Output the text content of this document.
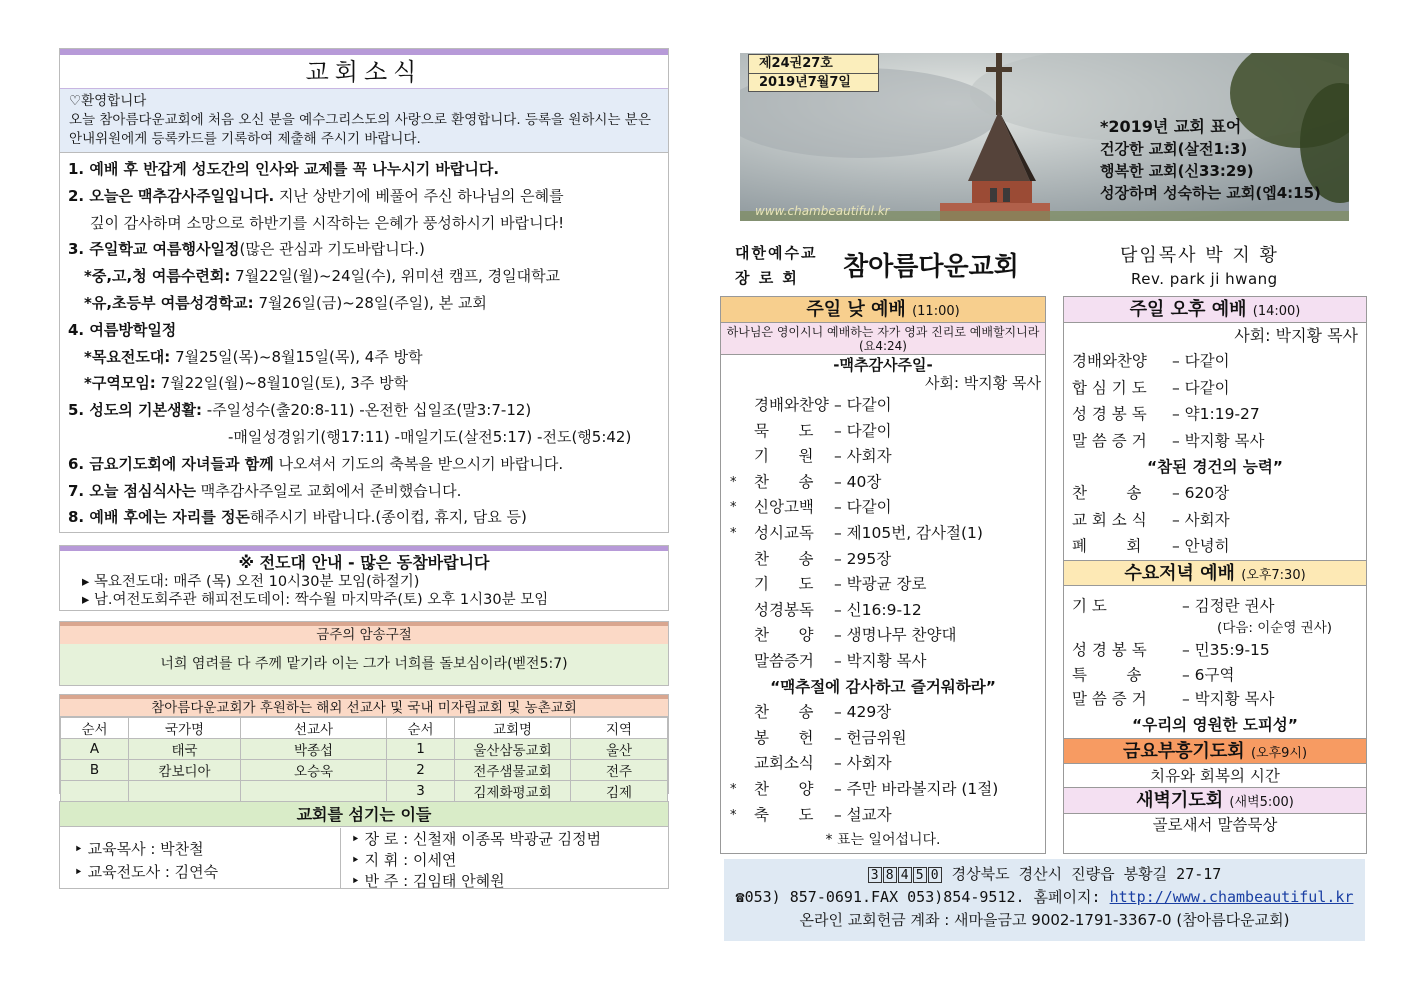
교회소식
♡환영합니다
오늘 참아름다운교회에 처음 오신 분을 예수그리스도의 사랑으로 환영합니다. 등록을 원하시는 분은 안내위원에게 등록카드를 기록하여 제출해 주시기 바랍니다.
1. 예배 후 반갑게 성도간의 인사와 교제를 꼭 나누시기 바랍니다.
2. 오늘은 맥추감사주일입니다. 지난 상반기에 베풀어 주신 하나님의 은혜를
깊이 감사하며 소망으로 하반기를 시작하는 은혜가 풍성하시기 바랍니다!
3. 주일학교 여름행사일정(많은 관심과 기도바랍니다.)
*중,고,청 여름수련회: 7월22일(월)~24일(수), 위미션 캠프, 경일대학교
*유,초등부 여름성경학교: 7월26일(금)~28일(주일), 본 교회
4. 여름방학일정
*목요전도대: 7월25일(목)~8월15일(목), 4주 방학
*구역모임: 7월22일(월)~8월10일(토), 3주 방학
5. 성도의 기본생활: -주일성수(출20:8-11) -온전한 십일조(말3:7-12)
-매일성경읽기(행17:11) -매일기도(살전5:17) -전도(행5:42)
6. 금요기도회에 자녀들과 함께 나오셔서 기도의 축복을 받으시기 바랍니다.
7. 오늘 점심식사는 맥추감사주일로 교회에서 준비했습니다.
8. 예배 후에는 자리를 정돈해주시기 바랍니다.(종이컵, 휴지, 담요 등)
※ 전도대 안내 - 많은 동참바랍니다
▸ 목요전도대: 매주 (목) 오전 10시30분 모임(하절기)
▸ 남.여전도회주관 해피전도데이: 짝수월 마지막주(토) 오후 1시30분 모임
금주의 암송구절
너희 염려를 다 주께 맡기라 이는 그가 너희를 돌보심이라(벧전5:7)
참아름다운교회가 후원하는 해외 선교사 및 국내 미자립교회 및 농촌교회
순서	국가명	선교사	순서	교회명	지역
A	태국	박종섭	1	울산삼동교회	울산
B	캄보디아	오승욱	2	전주샘물교회	전주
			3	김제화평교회	김제
교회를 섬기는 이들
‣ 교육목사 : 박찬철
‣ 교육전도사 : 김연숙
‣ 장 로 : 신철재 이종목 박광균 김정범
‣ 지 휘 : 이세연
‣ 반 주 : 김임태 안혜원
제24권27호
2019년7월7일
*2019년 교회 표어
건강한 교회(살전1:3)
행복한 교회(신33:29)
성장하며 성숙하는 교회(엡4:15)
www.chambeautiful.kr
대한예수교
장 로 회	참아름다운교회	담임목사 박 지 황
Rev. park ji hwang
주일 낮 예배 (11:00)
하나님은 영이시니 예배하는 자가 영과 진리로 예배할지니라(요4:24)
-맥추감사주일-
사회: 박지황 목사
경배와찬양 – 다같이
묵      도 – 다같이
기      원 – 사회자
* 찬      송 – 40장
* 신앙고백 – 다같이
* 성시교독 – 제105번, 감사절(1)
찬      송 – 295장
기      도 – 박광균 장로
성경봉독 – 신16:9-12
찬      양 – 생명나무 찬양대
말씀증거 – 박지황 목사
“맥추절에 감사하고 즐거워하라”
찬      송 – 429장
봉      헌 – 헌금위원
교회소식 – 사회자
* 찬      양 – 주만 바라볼지라 (1절)
* 축      도 – 설교자
* 표는 일어섭니다.
주일 오후 예배 (14:00)
사회: 박지황 목사
경배와찬양 – 다같이
합 심 기 도 – 다같이
성 경 봉 독 – 약1:19-27
말 씀 증 거 – 박지황 목사
“참된 경건의 능력”
찬        송 – 620장
교 회 소 식 – 사회자
폐        회 – 안녕히
수요저녁 예배 (오후7:30)
기 도	– 김정란 권사
(다음: 이순영 권사)
성 경 봉 독 – 민35:9-15
특        송	– 6구역
말 씀 증 거 – 박지황 목사
“우리의 영원한 도피성”
금요부흥기도회 (오후9시)
치유와 회복의 시간
새벽기도회 (새벽5:00)
골로새서 말씀묵상
3 8 4 5 0 경상북도 경산시 진량읍 봉황길 27-17
☎053) 857-0691.FAX 053)854-9512. 홈페이지: http://www.chambeautiful.kr
온라인 교회헌금 계좌 : 새마을금고 9002-1791-3367-0 (참아름다운교회)
